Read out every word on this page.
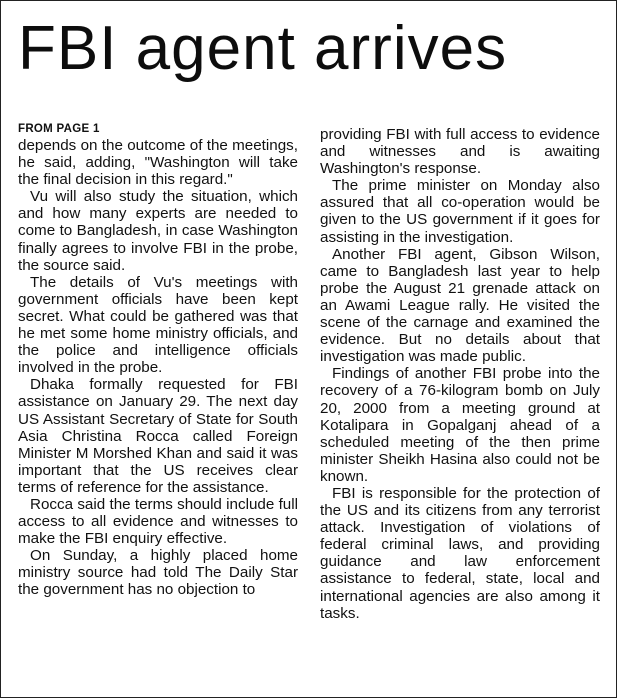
FBI agent arrives
FROM PAGE 1

depends on the outcome of the meetings, he said, adding, "Washington will take the final decision in this regard."

Vu will also study the situation, which and how many experts are needed to come to Bangladesh, in case Washington finally agrees to involve FBI in the probe, the source said.

The details of Vu's meetings with government officials have been kept secret. What could be gathered was that he met some home ministry officials, and the police and intelligence officials involved in the probe.

Dhaka formally requested for FBI assistance on January 29. The next day US Assistant Secretary of State for South Asia Christina Rocca called Foreign Minister M Morshed Khan and said it was important that the US receives clear terms of reference for the assistance.

Rocca said the terms should include full access to all evidence and witnesses to make the FBI enquiry effective.

On Sunday, a highly placed home ministry source had told The Daily Star the government has no objection to

providing FBI with full access to evidence and witnesses and is awaiting Washington's response.

The prime minister on Monday also assured that all co-operation would be given to the US government if it goes for assisting in the investigation.

Another FBI agent, Gibson Wilson, came to Bangladesh last year to help probe the August 21 grenade attack on an Awami League rally. He visited the scene of the carnage and examined the evidence. But no details about that investigation was made public.

Findings of another FBI probe into the recovery of a 76-kilogram bomb on July 20, 2000 from a meeting ground at Kotalipara in Gopalganj ahead of a scheduled meeting of the then prime minister Sheikh Hasina also could not be known.

FBI is responsible for the protection of the US and its citizens from any terrorist attack. Investigation of violations of federal criminal laws, and providing guidance and law enforcement assistance to federal, state, local and international agencies are also among it tasks.
